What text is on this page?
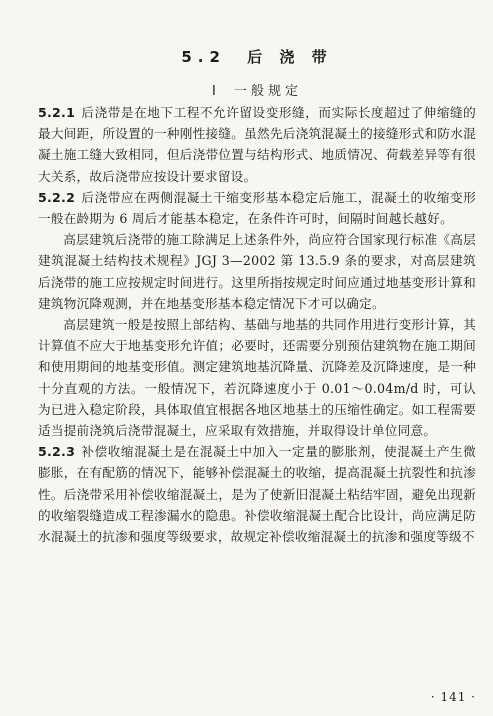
5.2 后 浇 带
Ⅰ 一般规定

5.2.1 后浇带是在地下工程不允许留设变形缝，而实际长度超过了伸缩缝的最大间距，所设置的一种刚性接缝。虽然先后浇筑混凝土的接缝形式和防水混凝土施工缝大致相同，但后浇带位置与结构形式、地质情况、荷载差异等有很大关系，故后浇带应按设计要求留设。

5.2.2 后浇带应在两侧混凝土干缩变形基本稳定后施工，混凝土的收缩变形一般在龄期为 6 周后才能基本稳定，在条件许可时，间隔时间越长越好。

高层建筑后浇带的施工除满足上述条件外，尚应符合国家现行标准《高层建筑混凝土结构技术规程》JGJ 3—2002 第 13.5.9 条的要求，对高层建筑后浇带的施工应按规定时间进行。这里所指按规定时间应通过地基变形计算和建筑物沉降观测，并在地基变形基本稳定情况下才可以确定。

高层建筑一般是按照上部结构、基础与地基的共同作用进行变形计算，其计算值不应大于地基变形允许值；必要时，还需要分别预估建筑物在施工期间和使用期间的地基变形值。测定建筑地基沉降量、沉降差及沉降速度，是一种十分直观的方法。一般情况下，若沉降速度小于 0.01～0.04m/d 时，可认为已进入稳定阶段，具体取值宜根据各地区地基土的压缩性确定。如工程需要适当提前浇筑后浇带混凝土，应采取有效措施，并取得设计单位同意。

5.2.3 补偿收缩混凝土是在混凝土中加入一定量的膨胀剂，使混凝土产生微膨胀，在有配筋的情况下，能够补偿混凝土的收缩，提高混凝土抗裂性和抗渗性。后浇带采用补偿收缩混凝土，是为了使新旧混凝土粘结牢固，避免出现新的收缩裂缝造成工程渗漏水的隐患。补偿收缩混凝土配合比设计，尚应满足防水混凝土的抗渗和强度等级要求，故规定补偿收缩混凝土的抗渗和强度等级不

· 141 ·
